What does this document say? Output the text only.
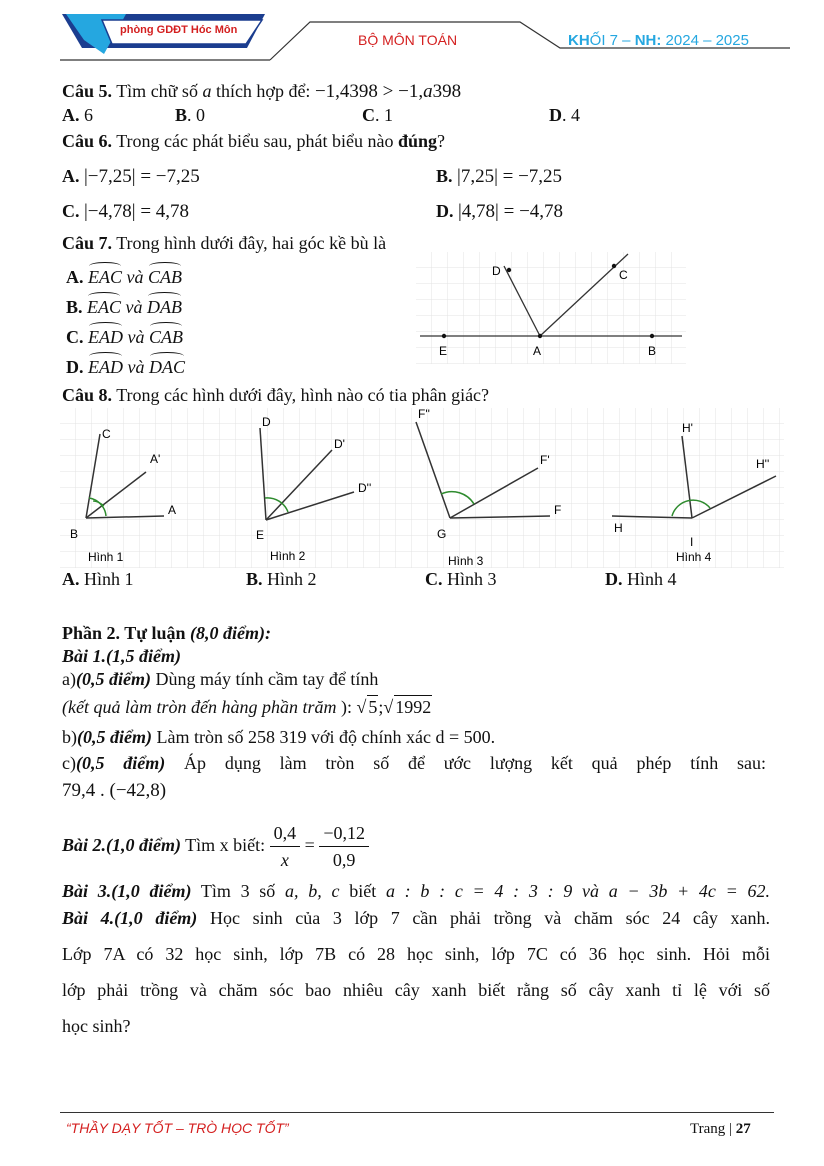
phòng GDĐT Hóc Môn
BỘ MÔN TOÁN	KHỐI 7 – NH: 2024 – 2025
Câu 5. Tìm chữ số a thích hợp để: −1,4398 > −1,a398
A. 6	B. 0	C. 1	D. 4
Câu 6. Trong các phát biểu sau, phát biểu nào đúng?
A. |−7,25| = −7,25	B. |7,25| = −7,25
C. |−4,78| = 4,78	D. |4,78| = −4,78
Câu 7. Trong hình dưới đây, hai góc kề bù là
A. EAC và CAB
B. EAC và DAB
C. EAD và CAB
D. EAD và DAC
D	C
E	A	B
Câu 8. Trong các hình dưới đây, hình nào có tia phân giác?
C
A'
A
B
Hình 1
D
D'
D''
E
Hình 2
F''
F'
F
G
Hình 3
H'
H''
H
I
Hình 4
A. Hình 1	B. Hình 2	C. Hình 3	D. Hình 4
Phần 2. Tự luận (8,0 điểm):
Bài 1.(1,5 điểm)
a)(0,5 điểm) Dùng máy tính cầm tay để tính
(kết quả làm tròn đến hàng phần trăm ): √ 5;√ 1992
b)(0,5 điểm) Làm tròn số 258 319 với độ chính xác d = 500.
c)(0,5 điểm) Áp dụng làm tròn số để ước lượng kết quả phép tính sau:
79,4 . (−42,8)
Bài 2.(1,0 điểm) Tìm x biết: $\frac{0,4}{x} = \frac{-0,12}{0,9}$
Bài 3.(1,0 điểm) Tìm 3 số a, b, c biết a : b : c = 4 : 3 : 9 và a − 3b + 4c = 62.
Bài 4.(1,0 điểm) Học sinh của 3 lớp 7 cần phải trồng và chăm sóc 24 cây xanh.
Lớp 7A có 32 học sinh, lớp 7B có 28 học sinh, lớp 7C có 36 học sinh. Hỏi mỗi
lớp phải trồng và chăm sóc bao nhiêu cây xanh biết rằng số cây xanh tỉ lệ với số
học sinh?
“THẦY DẠY TỐT – TRÒ HỌC TỐT”	Trang | 27
